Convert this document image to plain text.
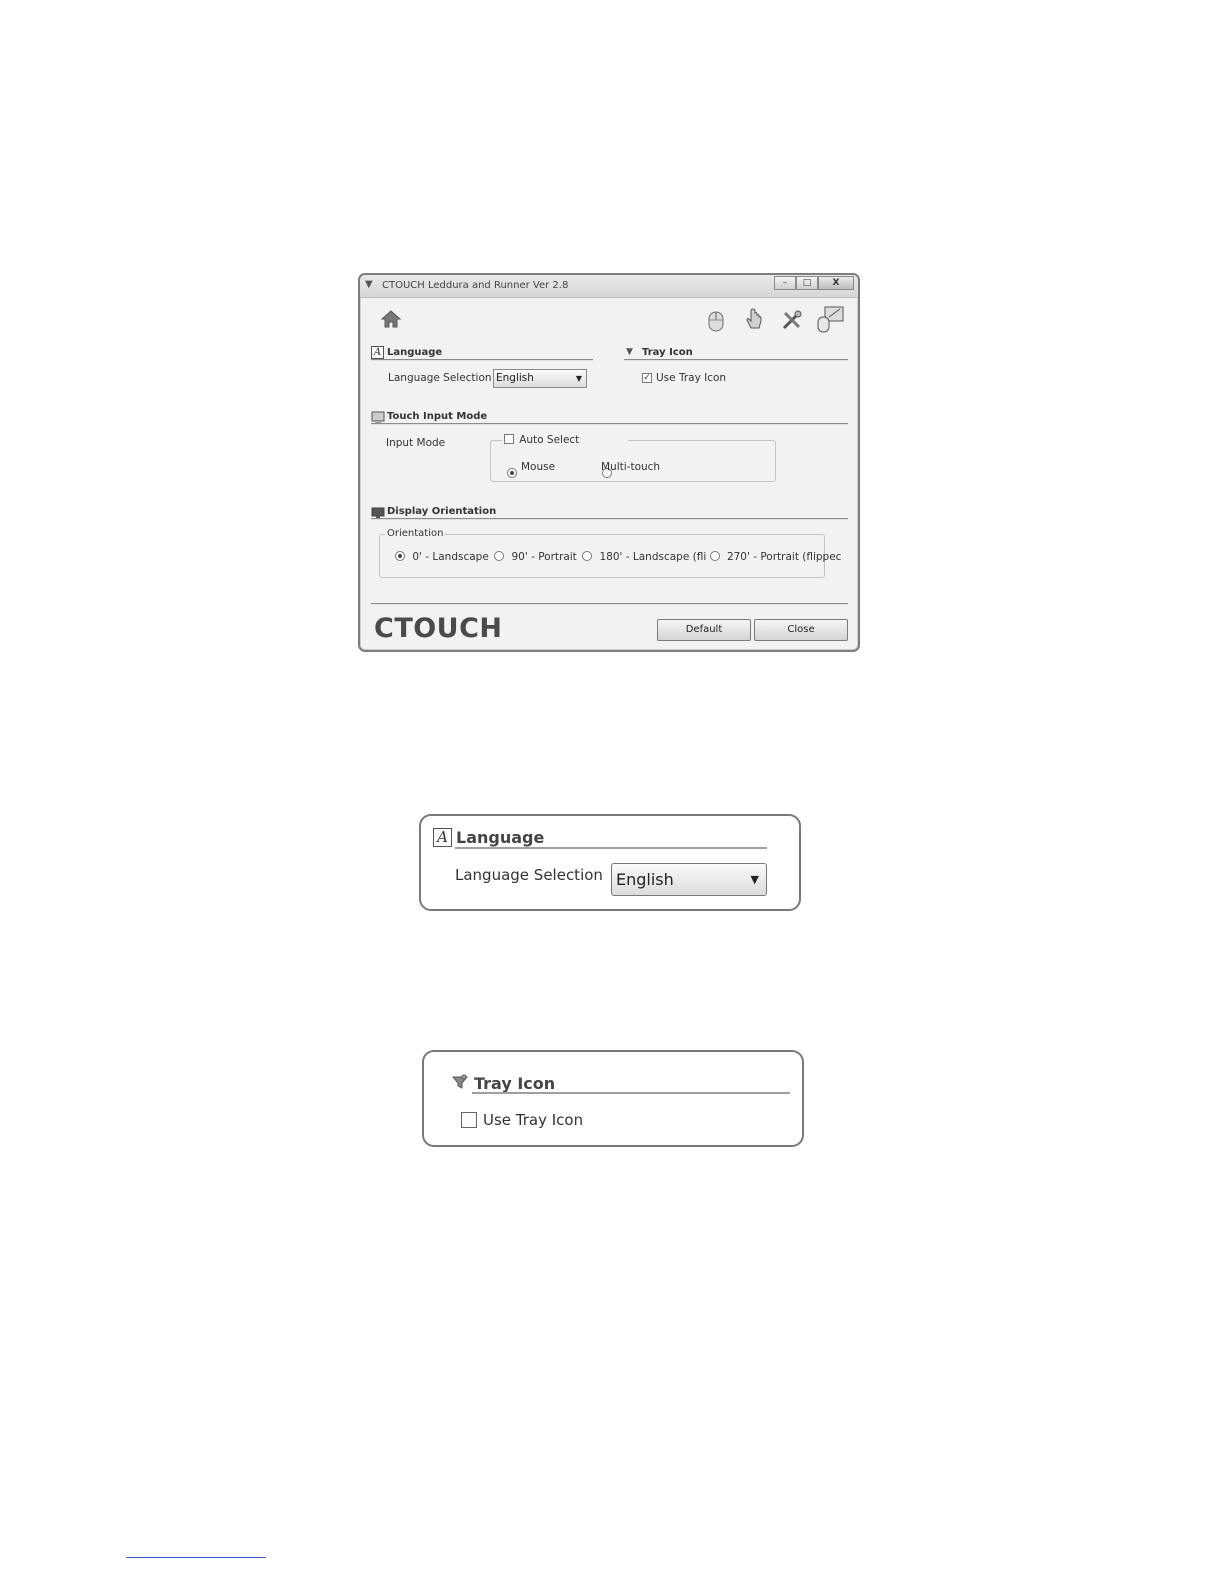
▼ CTOUCH Leddura and Runner Ver 2.8	–	□	X
A Language
Language Selection English	▼
▼ Tray Icon
✓ Use Tray Icon
Touch Input Mode
Input Mode	Auto Select

Mouse	Multi-touch
Display Orientation
Orientation
0' - Landscape 90' - Portrait 180' - Landscape (fli 270' - Portrait (flippec
CTOUCH	Default	Close
A Language
Language Selection English	▼
Tray Icon
Use Tray Icon
